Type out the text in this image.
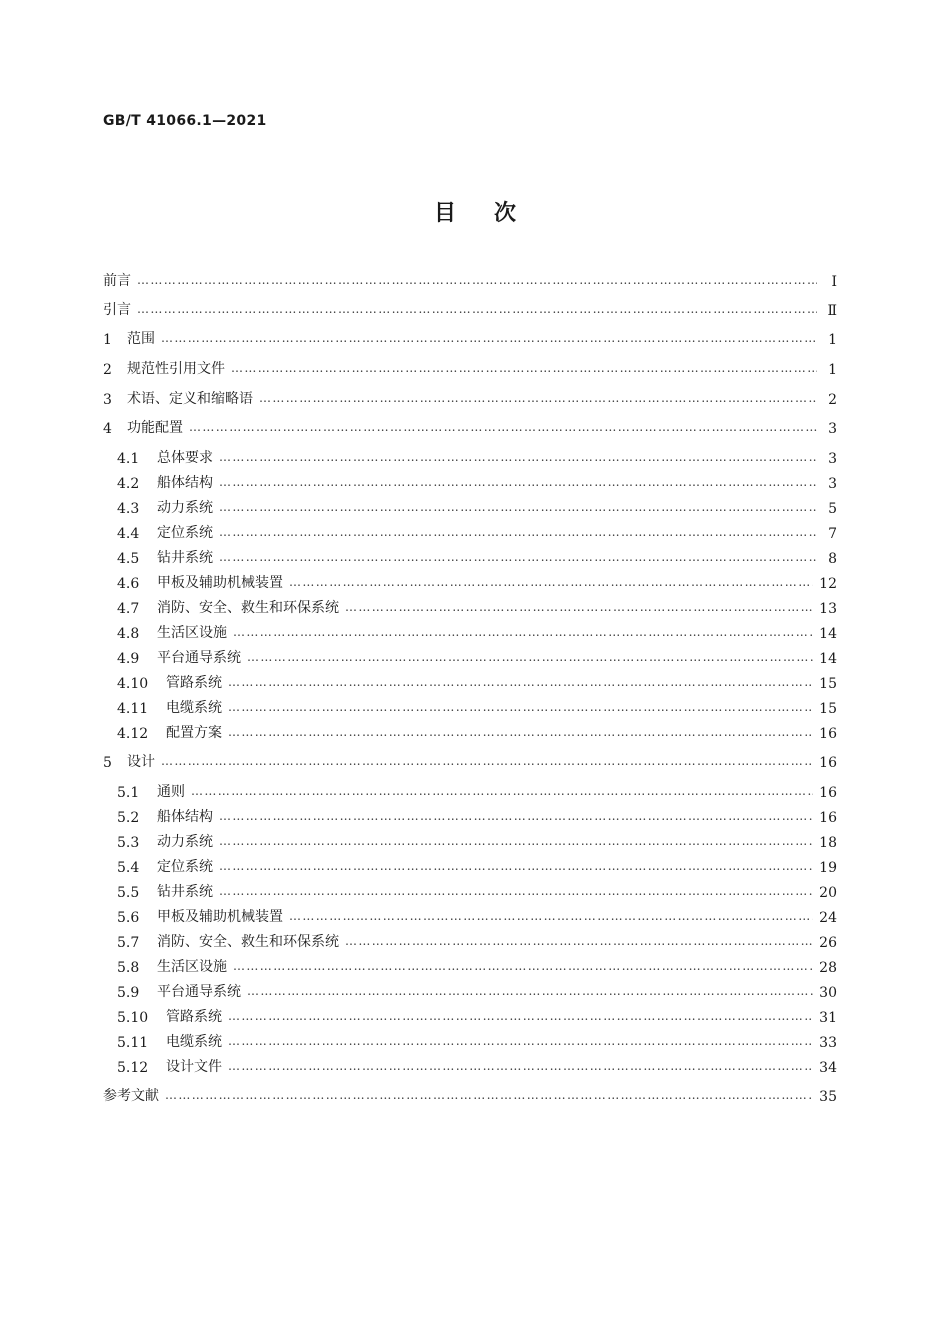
GB/T 41066.1—2021
目次
前言 ……………………………………………………………………………………………………………………………………………………………………………………………………	Ⅰ
引言 ……………………………………………………………………………………………………………………………………………………………………………………………………	Ⅱ
1	范围 ……………………………………………………………………………………………………………………………………………………………………………………………………	1
2	规范性引用文件 ……………………………………………………………………………………………………………………………………………………………………………………………………	1
3	术语、定义和缩略语 ……………………………………………………………………………………………………………………………………………………………………………………………………	2
4	功能配置 ……………………………………………………………………………………………………………………………………………………………………………………………………	3
4.1	总体要求 ……………………………………………………………………………………………………………………………………………………………………………………………………	3
4.2	船体结构 ……………………………………………………………………………………………………………………………………………………………………………………………………	3
4.3	动力系统 ……………………………………………………………………………………………………………………………………………………………………………………………………	5
4.4	定位系统 ……………………………………………………………………………………………………………………………………………………………………………………………………	7
4.5	钻井系统 ……………………………………………………………………………………………………………………………………………………………………………………………………	8
4.6	甲板及辅助机械装置 ……………………………………………………………………………………………………………………………………………………………………………………………………	12
4.7	消防、安全、救生和环保系统 ……………………………………………………………………………………………………………………………………………………………………………………………………	13
4.8	生活区设施 ……………………………………………………………………………………………………………………………………………………………………………………………………	14
4.9	平台通导系统 ……………………………………………………………………………………………………………………………………………………………………………………………………	14
4.10	管路系统 ……………………………………………………………………………………………………………………………………………………………………………………………………	15
4.11	电缆系统 ……………………………………………………………………………………………………………………………………………………………………………………………………	15
4.12	配置方案 ……………………………………………………………………………………………………………………………………………………………………………………………………	16
5	设计 ……………………………………………………………………………………………………………………………………………………………………………………………………	16
5.1	通则 ……………………………………………………………………………………………………………………………………………………………………………………………………	16
5.2	船体结构 ……………………………………………………………………………………………………………………………………………………………………………………………………	16
5.3	动力系统 ……………………………………………………………………………………………………………………………………………………………………………………………………	18
5.4	定位系统 ……………………………………………………………………………………………………………………………………………………………………………………………………	19
5.5	钻井系统 ……………………………………………………………………………………………………………………………………………………………………………………………………	20
5.6	甲板及辅助机械装置 ……………………………………………………………………………………………………………………………………………………………………………………………………	24
5.7	消防、安全、救生和环保系统 ……………………………………………………………………………………………………………………………………………………………………………………………………	26
5.8	生活区设施 ……………………………………………………………………………………………………………………………………………………………………………………………………	28
5.9	平台通导系统 ……………………………………………………………………………………………………………………………………………………………………………………………………	30
5.10	管路系统 ……………………………………………………………………………………………………………………………………………………………………………………………………	31
5.11	电缆系统 ……………………………………………………………………………………………………………………………………………………………………………………………………	33
5.12	设计文件 ……………………………………………………………………………………………………………………………………………………………………………………………………	34
参考文献 ……………………………………………………………………………………………………………………………………………………………………………………………………	35
